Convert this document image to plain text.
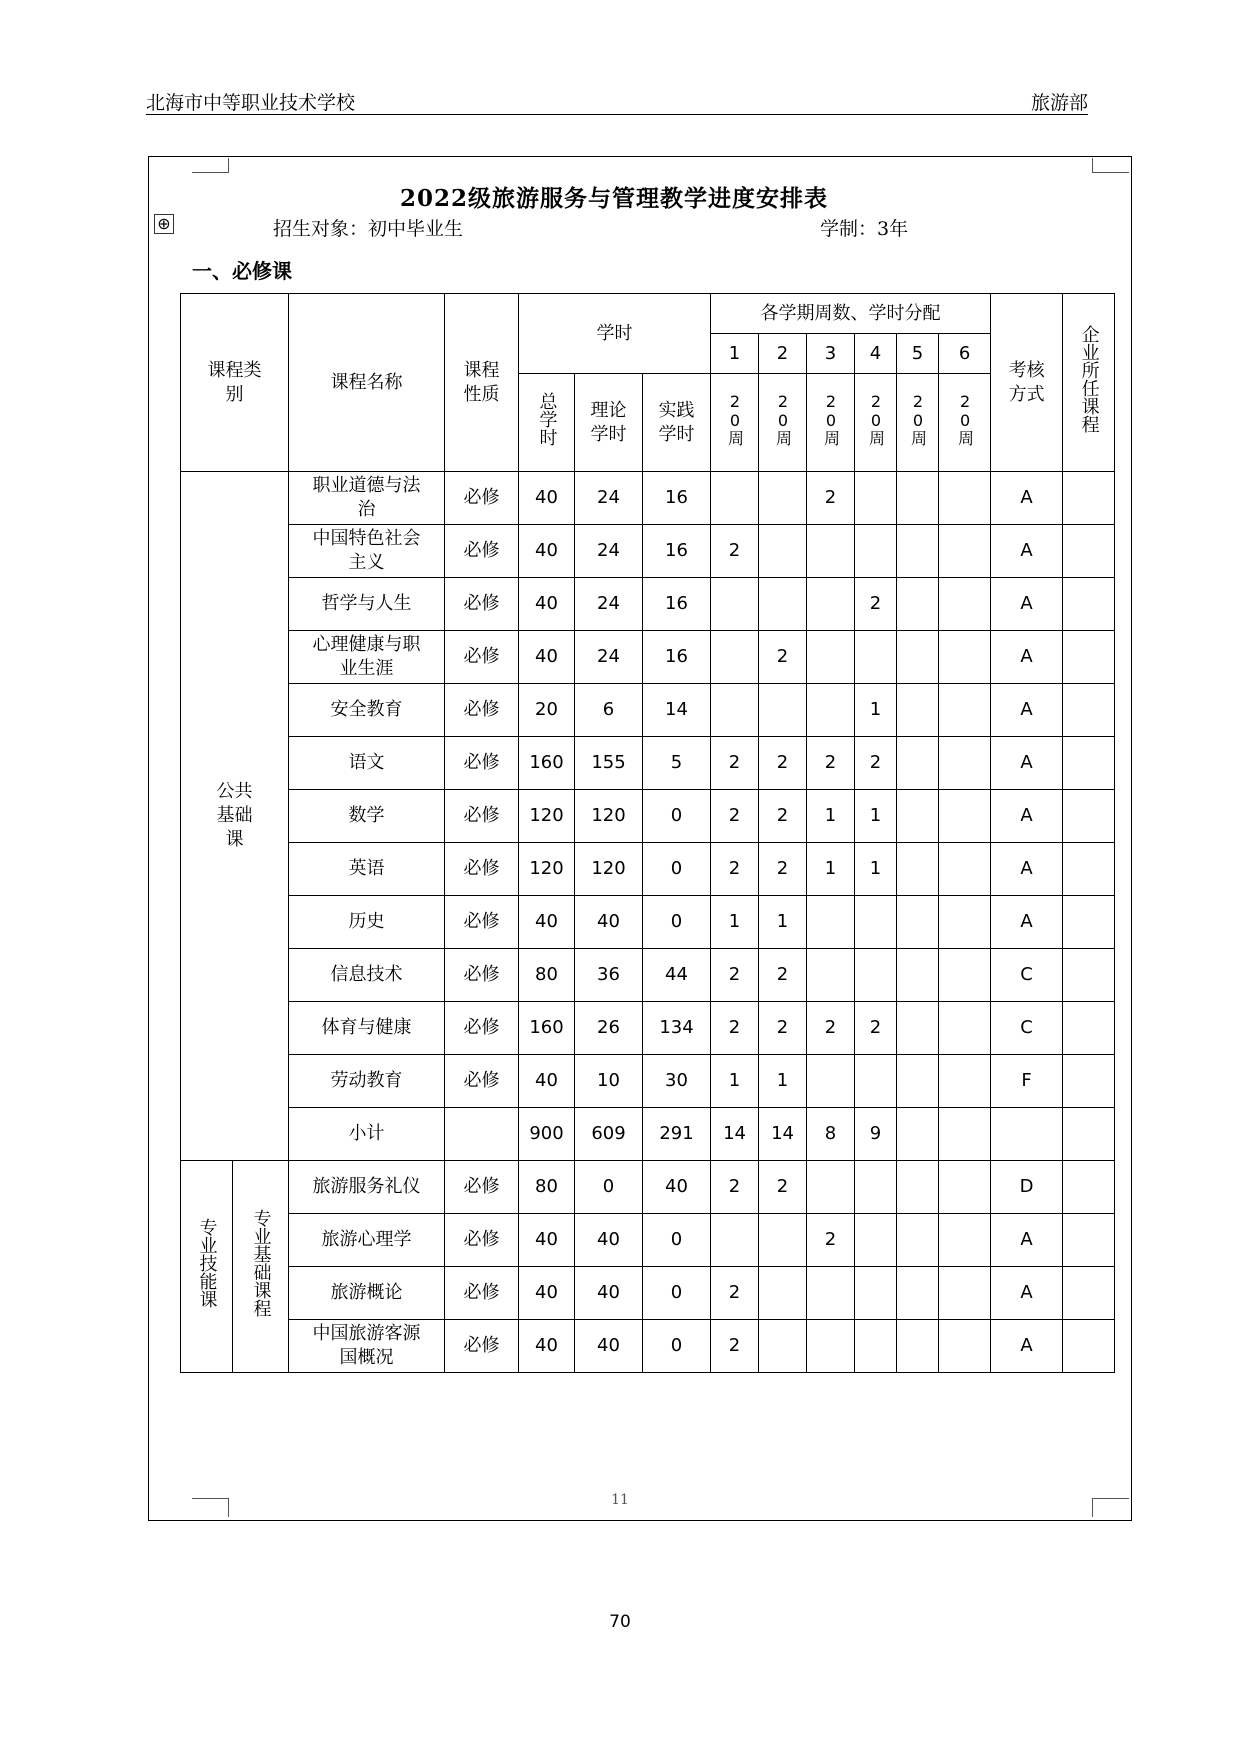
北海市中等职业技术学校	旅游部
⊕
2022级旅游服务与管理教学进度安排表
招生对象：初中毕业生	学制：3年
一、必修课
课程类别		课程名称	课程性质	学时			各学期周数、学时分配						考核方式	企业所任课程
							1	2	3	4	5	6		
				总学时	理论学时	实践学时	20周	20周	20周	20周	20周	20周		
公共基础课		职业道德与法治	必修	40	24	16			2				A	
		中国特色社会主义	必修	40	24	16	2						A	
		哲学与人生	必修	40	24	16				2			A	
		心理健康与职业生涯	必修	40	24	16		2					A	
		安全教育	必修	20	6	14				1			A	
		语文	必修	160	155	5	2	2	2	2			A	
		数学	必修	120	120	0	2	2	1	1			A	
		英语	必修	120	120	0	2	2	1	1			A	
		历史	必修	40	40	0	1	1					A	
		信息技术	必修	80	36	44	2	2					C	
		体育与健康	必修	160	26	134	2	2	2	2			C	
		劳动教育	必修	40	10	30	1	1					F	
		小计		900	609	291	14	14	8	9				
专业技能课	专业基础课程	旅游服务礼仪	必修	80	0	40	2	2					D	
		旅游心理学	必修	40	40	0			2				A	
		旅游概论	必修	40	40	0	2						A	
		中国旅游客源国概况	必修	40	40	0	2						A	
11
70
